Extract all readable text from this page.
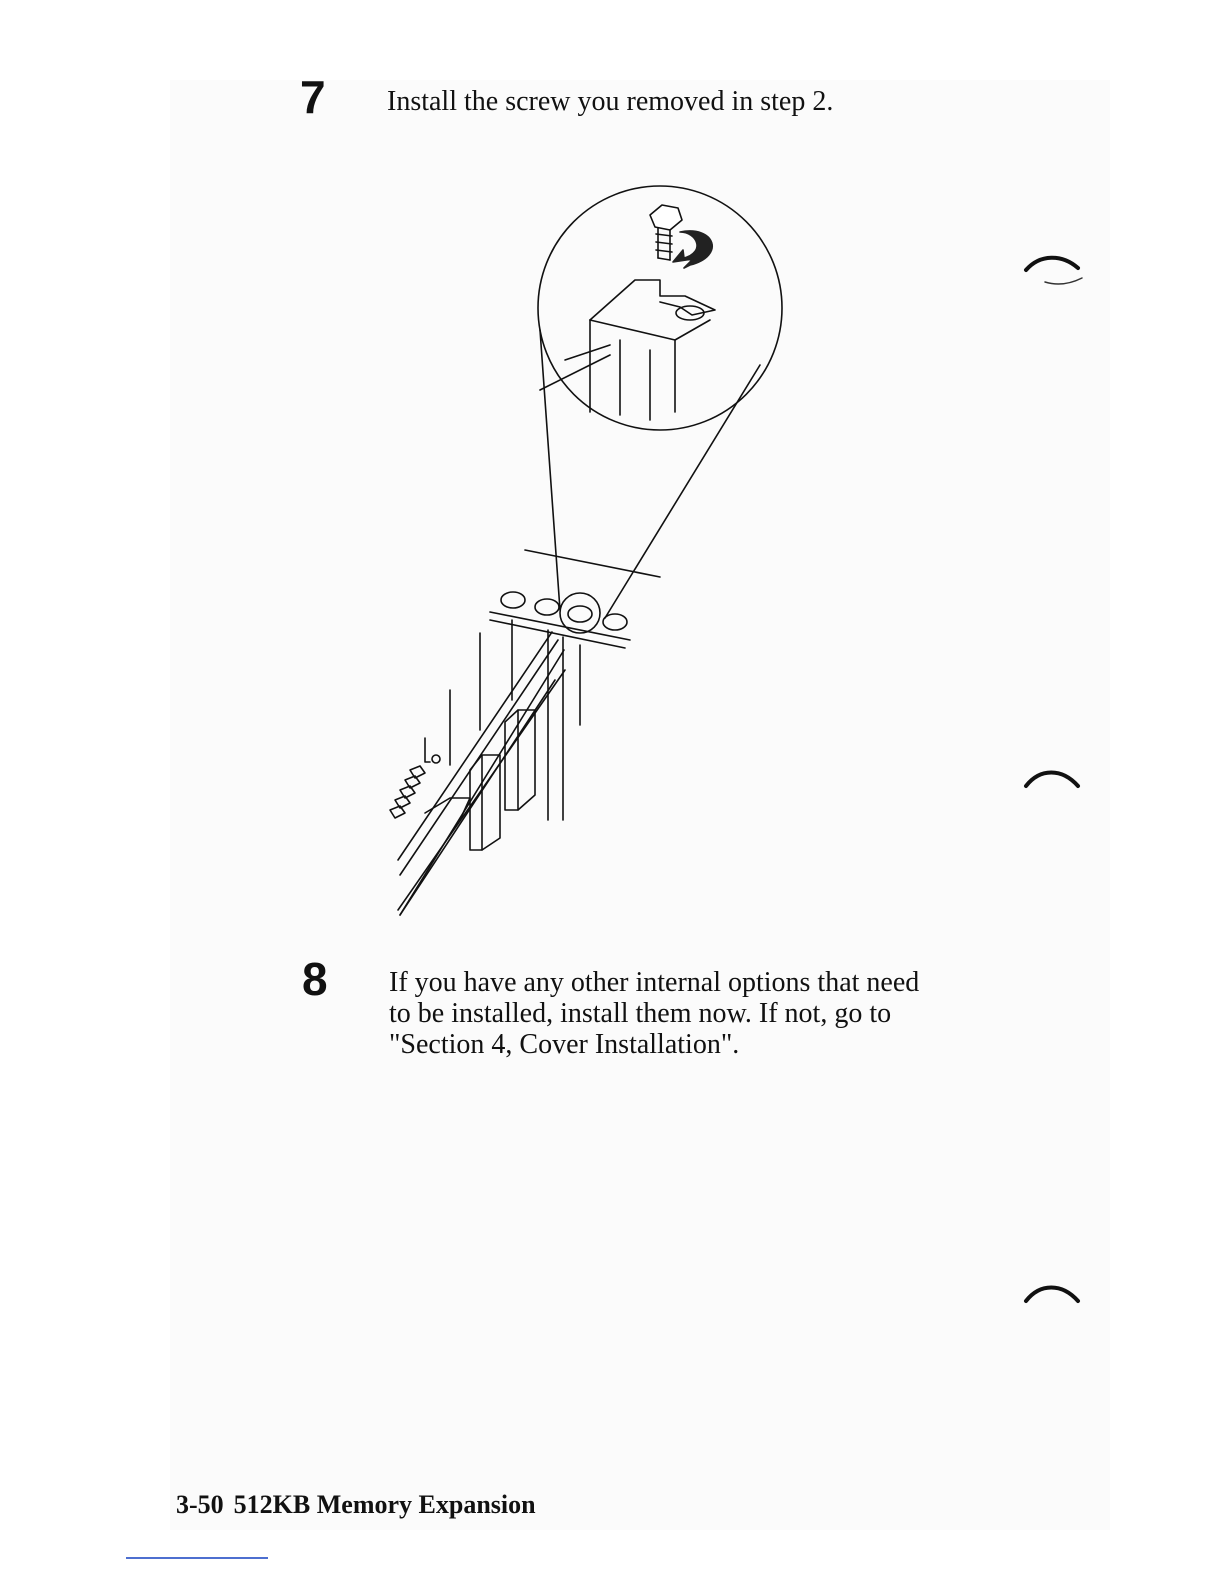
7 Install the screw you removed in step 2.
8 If you have any other internal options that need
to be installed, install them now. If not, go to
"Section 4, Cover Installation".
3-50 512KB Memory Expansion
